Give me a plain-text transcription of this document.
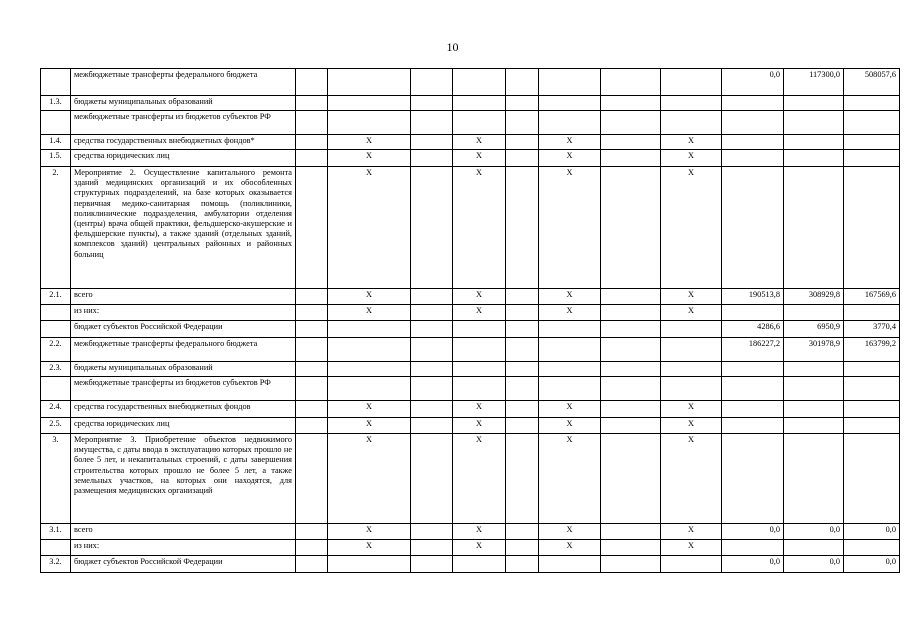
10
	межбюджетные трансферты федерального бюджета									0,0	117300,0	508057,6			
1.3.	бюджеты муниципальных образований														
	межбюджетные трансферты из бюджетов субъектов РФ														
1.4.	средства государственных внебюджетных фондов*		X		X		X		X						
1.5.	средства юридических лиц		X		X		X		X						
2.	Мероприятие 2. Осуществление капитального ремонта зданий медицинских организаций и их обособленных структурных подразделений, на базе которых оказывается первичная медико-санитарная помощь (поликлиники, поликлинические подразделения, амбулатории отделения (центры) врача общей практики, фельдшерско-акушерские и фельдшерские пункты), а также зданий (отдельных зданий, комплексов зданий) центральных районных и районных больниц		X		X		X		X						
2.1.	всего		X		X		X		X	190513,8	308929,8	167569,6			
	из них:		X		X		X		X						
	бюджет субъектов Российской Федерации									4286,6	6950,9	3770,4			
2.2.	межбюджетные трансферты федерального бюджета									186227,2	301978,9	163799,2			
2.3.	бюджеты муниципальных образований														
	межбюджетные трансферты из бюджетов субъектов РФ														
2.4.	средства государственных внебюджетных фондов		X		X		X		X						
2.5.	средства юридических лиц		X		X		X		X						
3.	Мероприятие 3. Приобретение объектов недвижимого имущества, с даты ввода в эксплуатацию которых прошло не более 5 лет, и некапитальных строений, с даты завершения строительства которых прошло не более 5 лет, а также земельных участков, на которых они находятся, для размещения медицинских организаций		X		X		X		X						
3.1.	всего		X		X		X		X	0,0	0,0	0,0			
	из них:		X		X		X		X						
3.2.	бюджет субъектов Российской Федерации									0,0	0,0	0,0			
